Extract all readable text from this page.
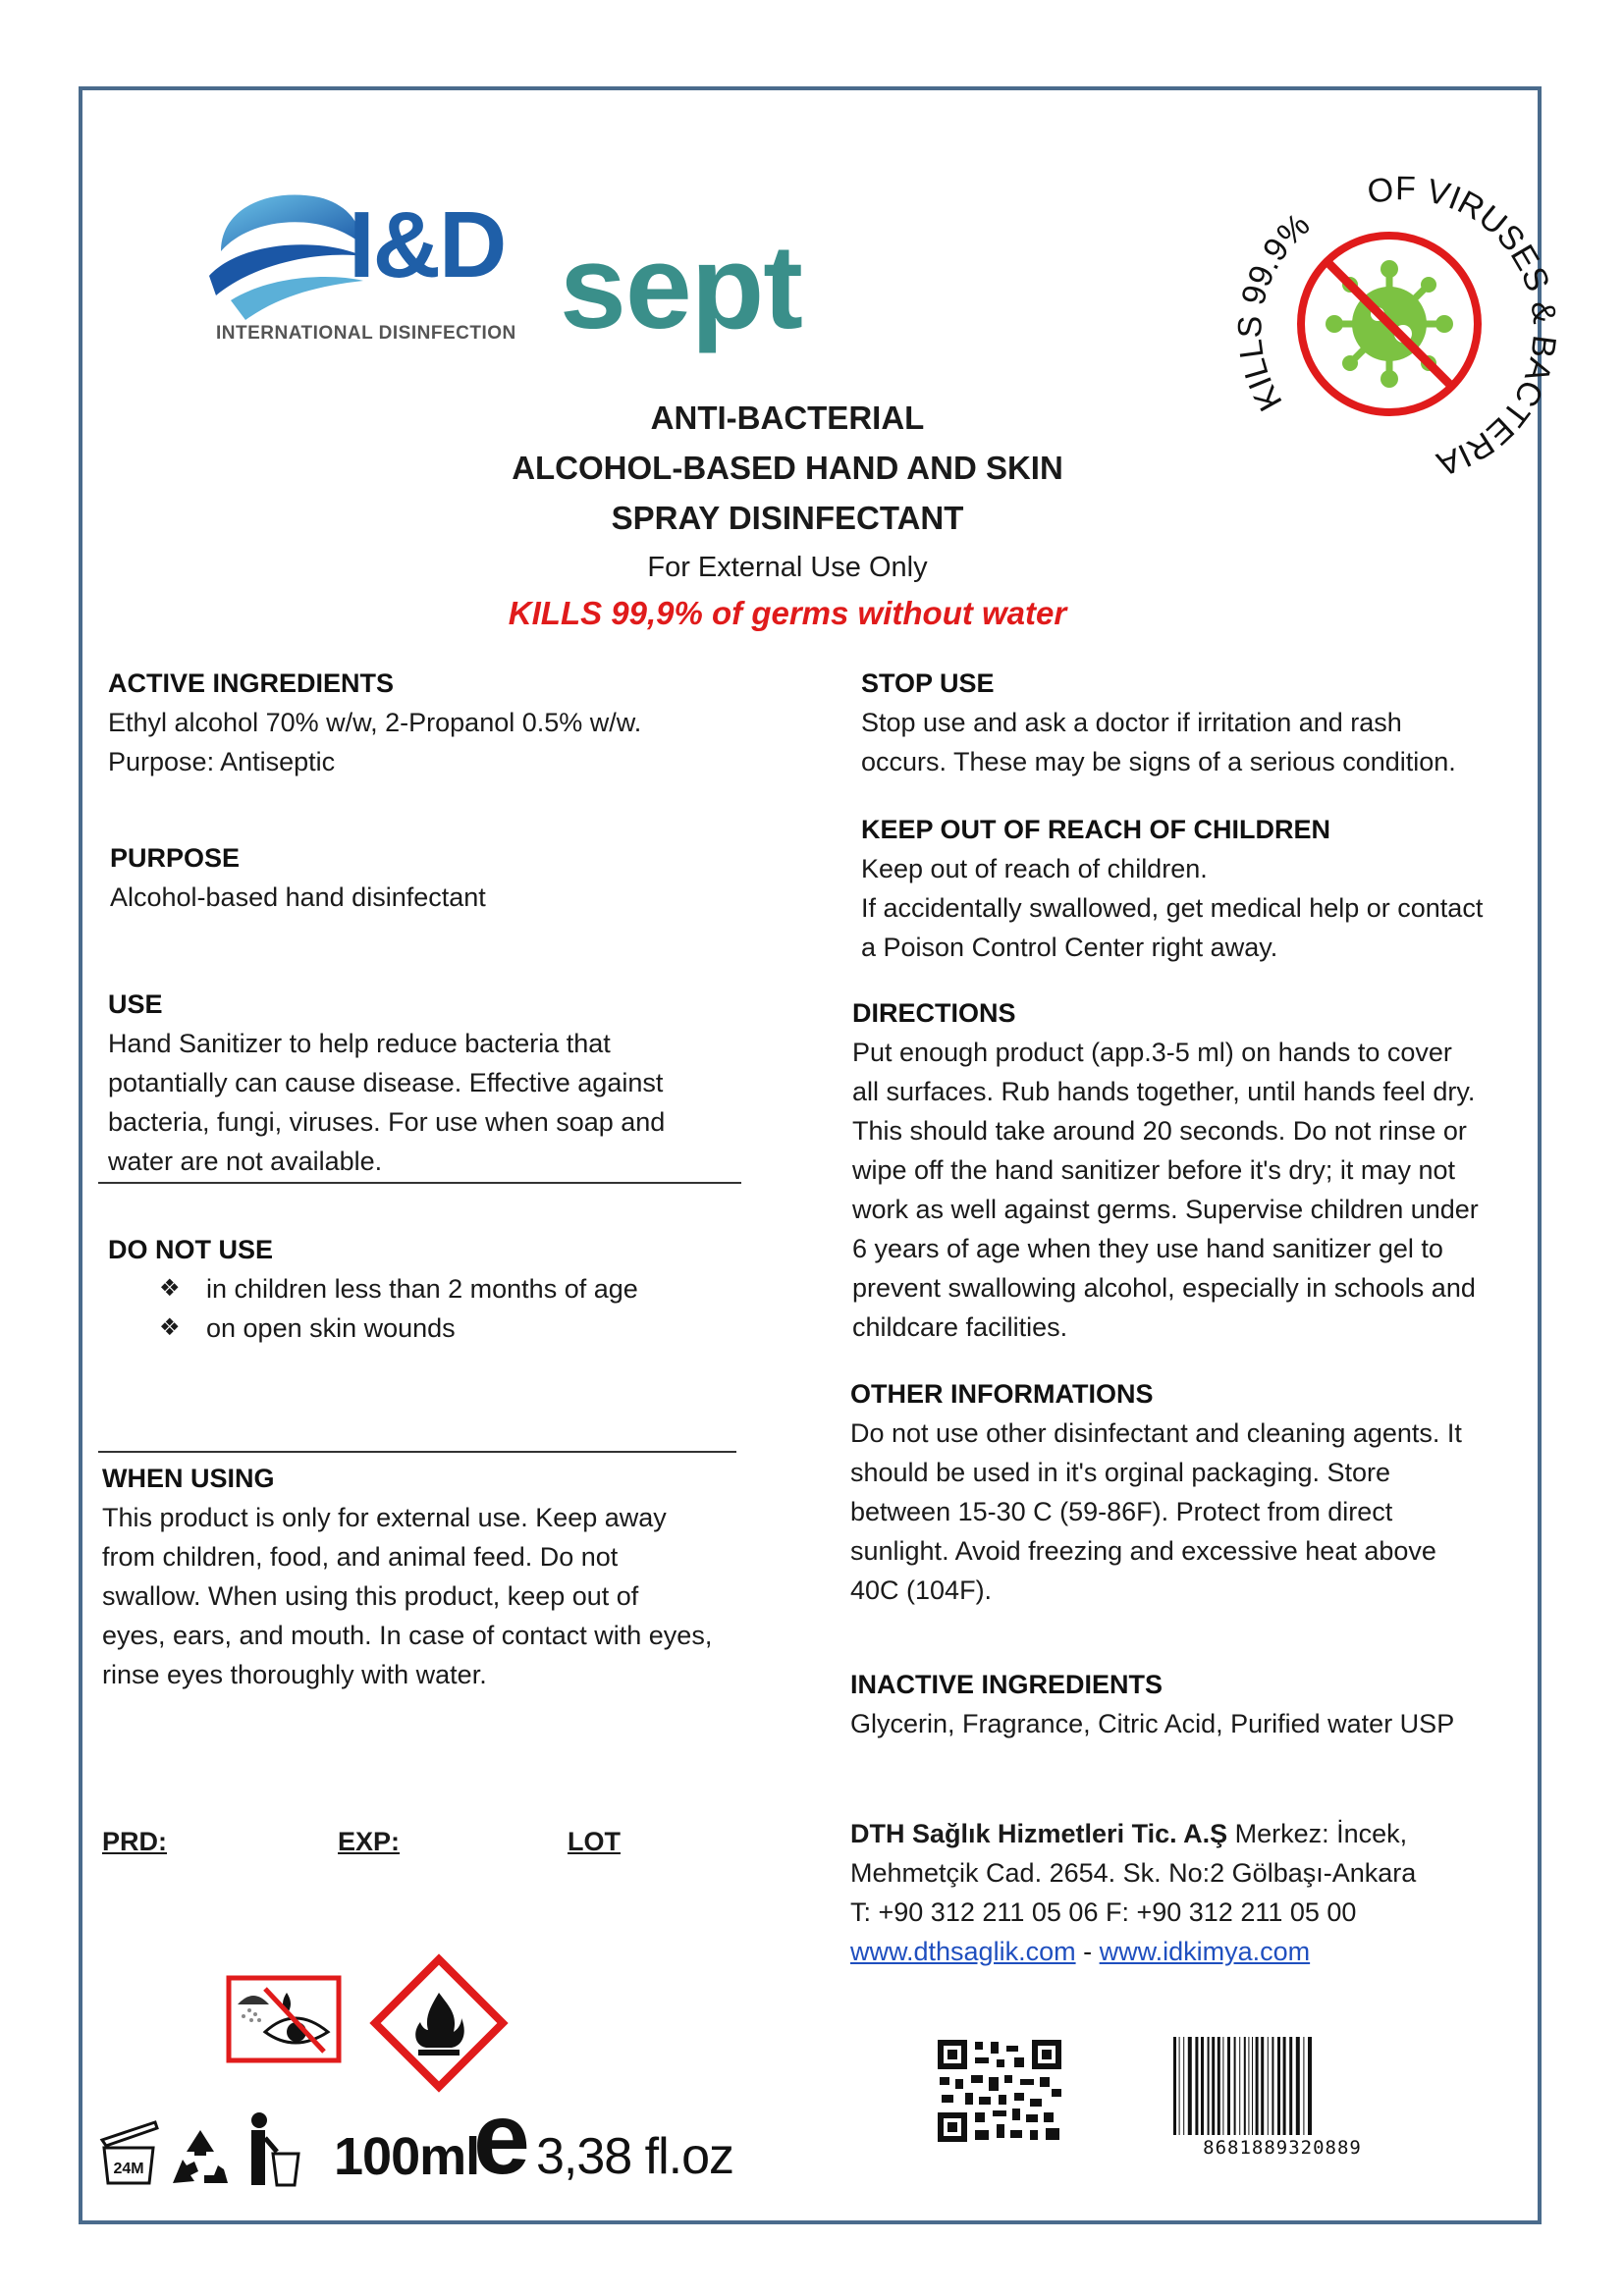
I&D
INTERNATIONAL DISINFECTION sept
KILLS 99.9%
OF VIRUSES & BACTERIA
ANTI-BACTERIAL
ALCOHOL-BASED HAND AND SKIN
SPRAY DISINFECTANT
For External Use Only
KILLS 99,9% of germs without water
ACTIVE INGREDIENTS
Ethyl alcohol 70% w/w, 2-Propanol 0.5% w/w.
Purpose: Antiseptic
PURPOSE
Alcohol-based hand disinfectant
USE
Hand Sanitizer to help reduce bacteria that
potantially can cause disease. Effective against
bacteria, fungi, viruses. For use when soap and
water are not available.
DO NOT USE
❖ in children less than 2 months of age
❖ on open skin wounds
WHEN USING
This product is only for external use. Keep away
from children, food, and animal feed. Do not
swallow. When using this product, keep out of
eyes, ears, and mouth. In case of contact with eyes,
rinse eyes thoroughly with water.
PRD:	EXP:	LOT
24M	100ml
e 3,38 fl.oz
STOP USE
Stop use and ask a doctor if irritation and rash
occurs. These may be signs of a serious condition.
KEEP OUT OF REACH OF CHILDREN
Keep out of reach of children.
If accidentally swallowed, get medical help or contact
a Poison Control Center right away.
DIRECTIONS
Put enough product (app.3-5 ml) on hands to cover
all surfaces. Rub hands together, until hands feel dry.
This should take around 20 seconds. Do not rinse or
wipe off the hand sanitizer before it's dry; it may not
work as well against germs. Supervise children under
6 years of age when they use hand sanitizer gel to
prevent swallowing alcohol, especially in schools and
childcare facilities.
OTHER INFORMATIONS
Do not use other disinfectant and cleaning agents. It
should be used in it's orginal packaging. Store
between 15-30 C (59-86F). Protect from direct
sunlight. Avoid freezing and excessive heat above
40C (104F).
INACTIVE INGREDIENTS
Glycerin, Fragrance, Citric Acid, Purified water USP
DTH Sağlık Hizmetleri Tic. A.Ş Merkez: İncek,
Mehmetçik Cad. 2654. Sk. No:2 Gölbaşı-Ankara
T: +90 312 211 05 06 F: +90 312 211 05 00
www.dthsaglik.com - www.idkimya.com
8681889320889
